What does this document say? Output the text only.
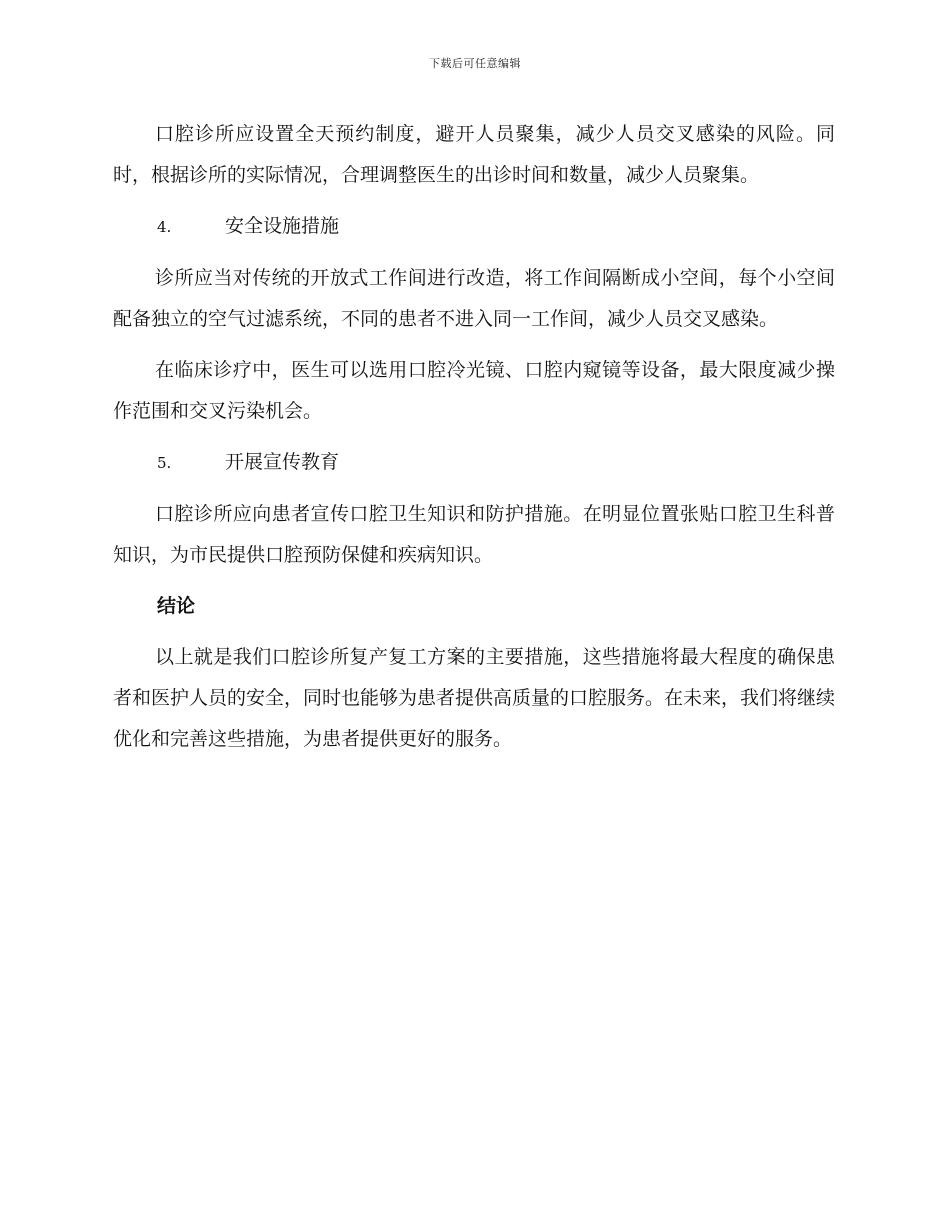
下载后可任意编辑

口腔诊所应设置全天预约制度，避开人员聚集，减少人员交叉感染的风险。同时，根据诊所的实际情况，合理调整医生的出诊时间和数量，减少人员聚集。

4.	安全设施措施

诊所应当对传统的开放式工作间进行改造，将工作间隔断成小空间，每个小空间配备独立的空气过滤系统，不同的患者不进入同一工作间，减少人员交叉感染。

在临床诊疗中，医生可以选用口腔冷光镜、口腔内窥镜等设备，最大限度减少操作范围和交叉污染机会。

5.	开展宣传教育

口腔诊所应向患者宣传口腔卫生知识和防护措施。在明显位置张贴口腔卫生科普知识，为市民提供口腔预防保健和疾病知识。

结论

以上就是我们口腔诊所复产复工方案的主要措施，这些措施将最大程度的确保患者和医护人员的安全，同时也能够为患者提供高质量的口腔服务。在未来，我们将继续优化和完善这些措施，为患者提供更好的服务。
